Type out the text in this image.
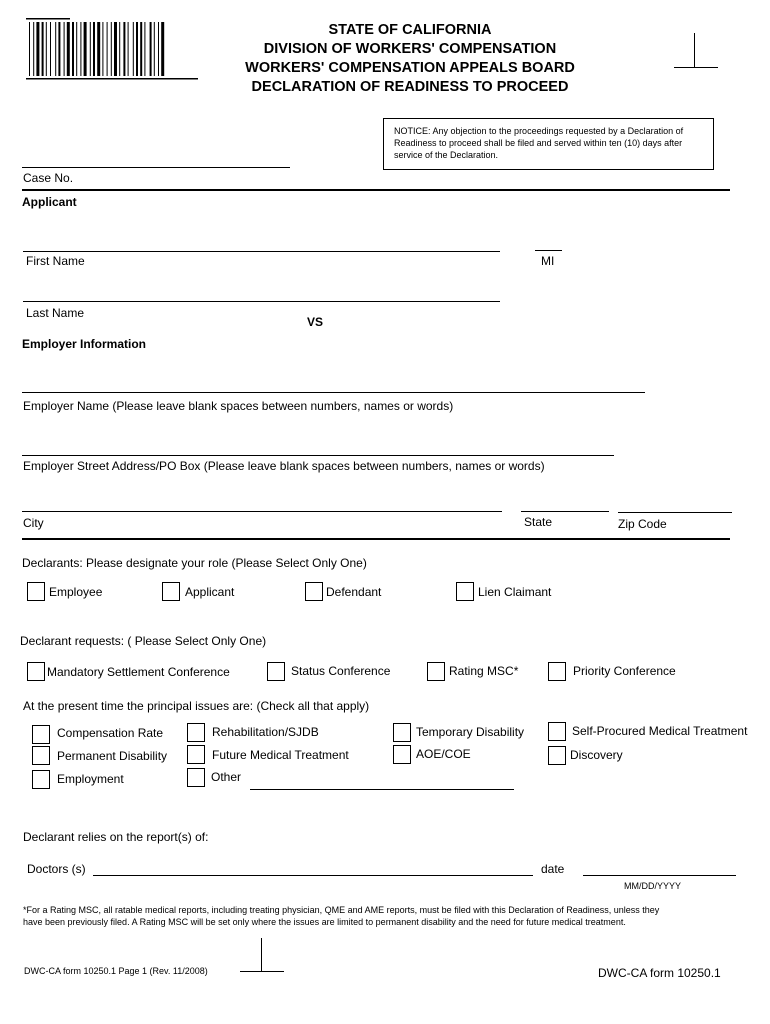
STATE OF CALIFORNIA
DIVISION OF WORKERS' COMPENSATION
WORKERS' COMPENSATION APPEALS BOARD
DECLARATION OF READINESS TO PROCEED
NOTICE: Any objection to the proceedings requested by a Declaration of Readiness to proceed shall be filed and served within ten (10) days after service of the Declaration.
Case No.
Applicant
First Name	MI
Last Name
VS
Employer Information
Employer Name (Please leave blank spaces between numbers, names or words)
Employer Street Address/PO Box (Please leave blank spaces between numbers, names or words)
City	State	Zip Code
Declarants: Please designate your role (Please Select Only One)
Employee	Applicant	Defendant	Lien Claimant
Declarant requests: ( Please Select Only One)
Mandatory Settlement Conference	Status Conference	Rating MSC*	Priority Conference
At the present time the principal issues are: (Check all that apply)
Compensation Rate
Permanent Disability
Employment
Rehabilitation/SJDB
Future Medical Treatment
Other
Temporary Disability
AOE/COE
Self-Procured Medical Treatment
Discovery
Declarant relies on the report(s) of:
Doctors (s)	date
MM/DD/YYYY
*For a Rating MSC, all ratable medical reports, including treating physician, QME and AME reports, must be filed with this Declaration of Readiness, unless they have been previously filed. A Rating MSC will be set only where the issues are limited to permanent disability and the need for future medical treatment.
DWC-CA form 10250.1 Page 1 (Rev. 11/2008)	DWC-CA form 10250.1
